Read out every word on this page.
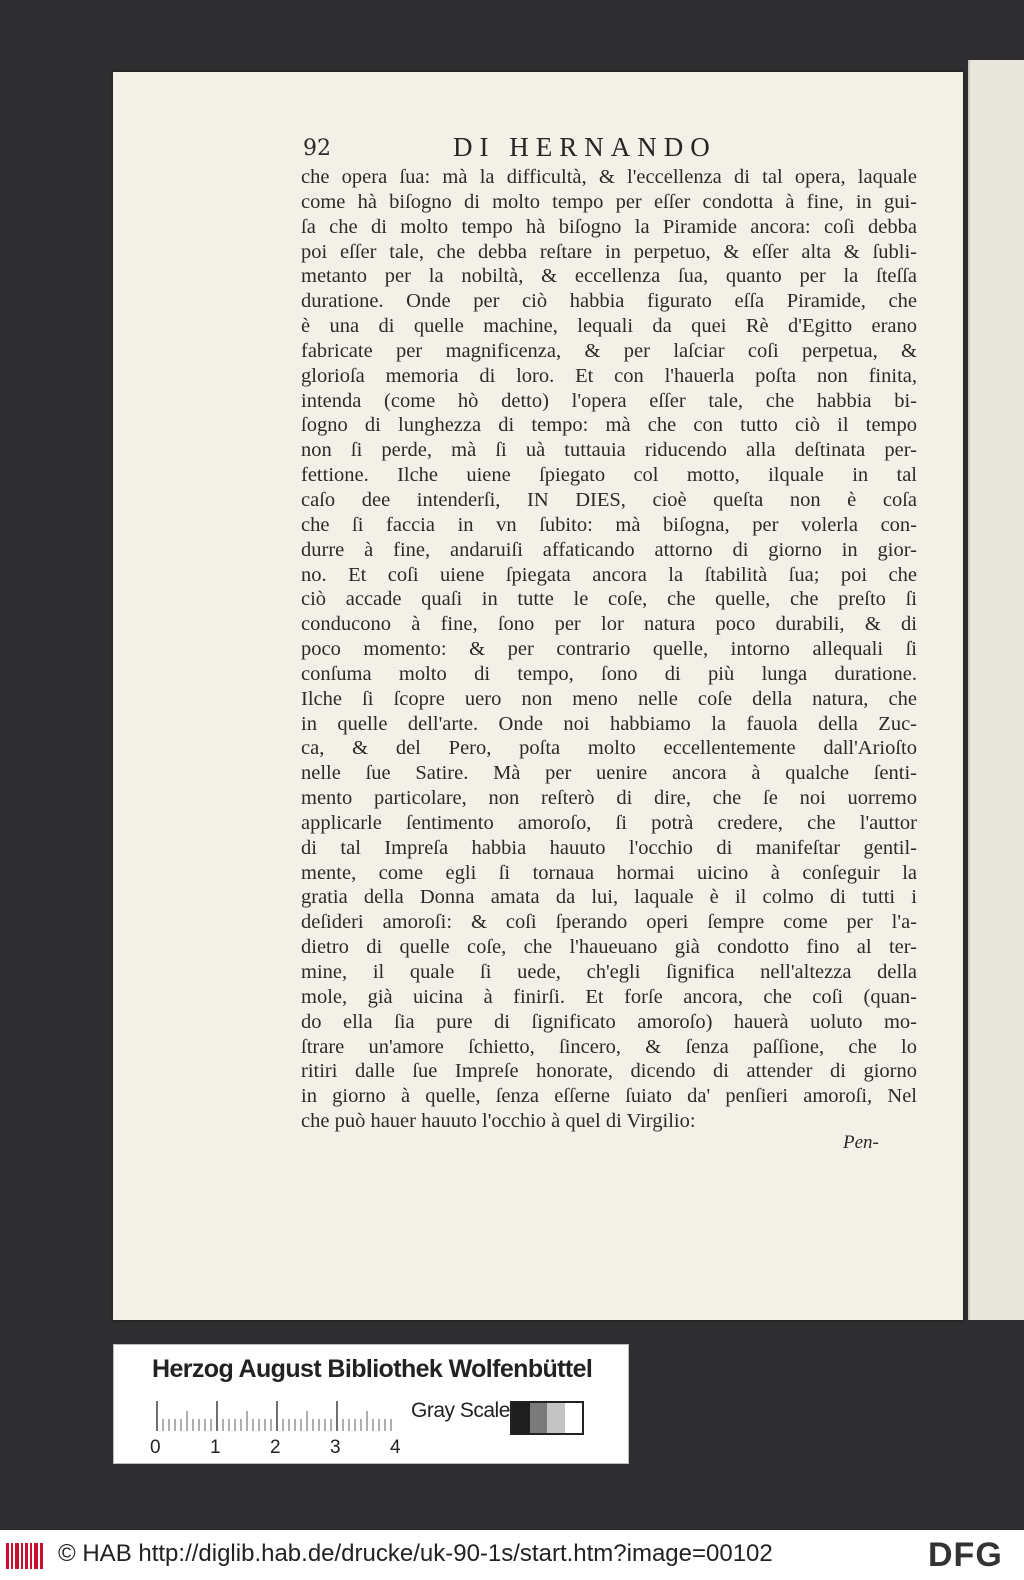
92	DI HERNANDO
che opera ſua: mà la difficultà, & l'eccellenza di tal opera, laquale
come hà biſogno di molto tempo per eſſer condotta à fine, in gui-
ſa che di molto tempo hà biſogno la Piramide ancora: coſi debba
poi eſſer tale, che debba reſtare in perpetuo, & eſſer alta & ſubli-
metanto per la nobiltà, & eccellenza ſua, quanto per la ſteſſa
duratione. Onde per ciò habbia figurato eſſa Piramide, che
è una di quelle machine, lequali da quei Rè d'Egitto erano
fabricate per magnificenza, & per laſciar coſi perpetua, &
glorioſa memoria di loro. Et con l'hauerla poſta non finita,
intenda (come hò detto) l'opera eſſer tale, che habbia bi-
ſogno di lunghezza di tempo: mà che con tutto ciò il tempo
non ſi perde, mà ſi uà tuttauia riducendo alla deſtinata per-
fettione. Ilche uiene ſpiegato col motto, ilquale in tal
caſo dee intenderſi, IN DIES, cioè queſta non è coſa
che ſi faccia in vn ſubito: mà biſogna, per volerla con-
durre à fine, andaruiſi affaticando attorno di giorno in gior-
no. Et coſi uiene ſpiegata ancora la ſtabilità ſua; poi che
ciò accade quaſi in tutte le coſe, che quelle, che preſto ſi
conducono à fine, ſono per lor natura poco durabili, & di
poco momento: & per contrario quelle, intorno allequali ſi
conſuma molto di tempo, ſono di più lunga duratione.
Ilche ſi ſcopre uero non meno nelle coſe della natura, che
in quelle dell'arte. Onde noi habbiamo la fauola della Zuc-
ca, & del Pero, poſta molto eccellentemente dall'Arioſto
nelle ſue Satire. Mà per uenire ancora à qualche ſenti-
mento particolare, non reſterò di dire, che ſe noi uorremo
applicarle ſentimento amoroſo, ſi potrà credere, che l'auttor
di tal Impreſa habbia hauuto l'occhio di manifeſtar gentil-
mente, come egli ſi tornaua hormai uicino à conſeguir la
gratia della Donna amata da lui, laquale è il colmo di tutti i
deſideri amoroſi: & coſi ſperando operi ſempre come per l'a-
dietro di quelle coſe, che l'haueuano già condotto fino al ter-
mine, il quale ſi uede, ch'egli ſignifica nell'altezza della
mole, già uicina à finirſi. Et forſe ancora, che coſi (quan-
do ella ſia pure di ſignificato amoroſo) hauerà uoluto mo-
ſtrare un'amore ſchietto, ſincero, & ſenza paſſione, che lo
ritiri dalle ſue Impreſe honorate, dicendo di attender di giorno
in giorno à quelle, ſenza eſſerne ſuiato da' penſieri amoroſi, Nel
che può hauer hauuto l'occhio à quel di Virgilio:
Pen-
Herzog August Bibliothek Wolfenbüttel
0	1	2	3	4
Gray Scale
© HAB http://diglib.hab.de/drucke/uk-90-1s/start.htm?image=00102	DFG
